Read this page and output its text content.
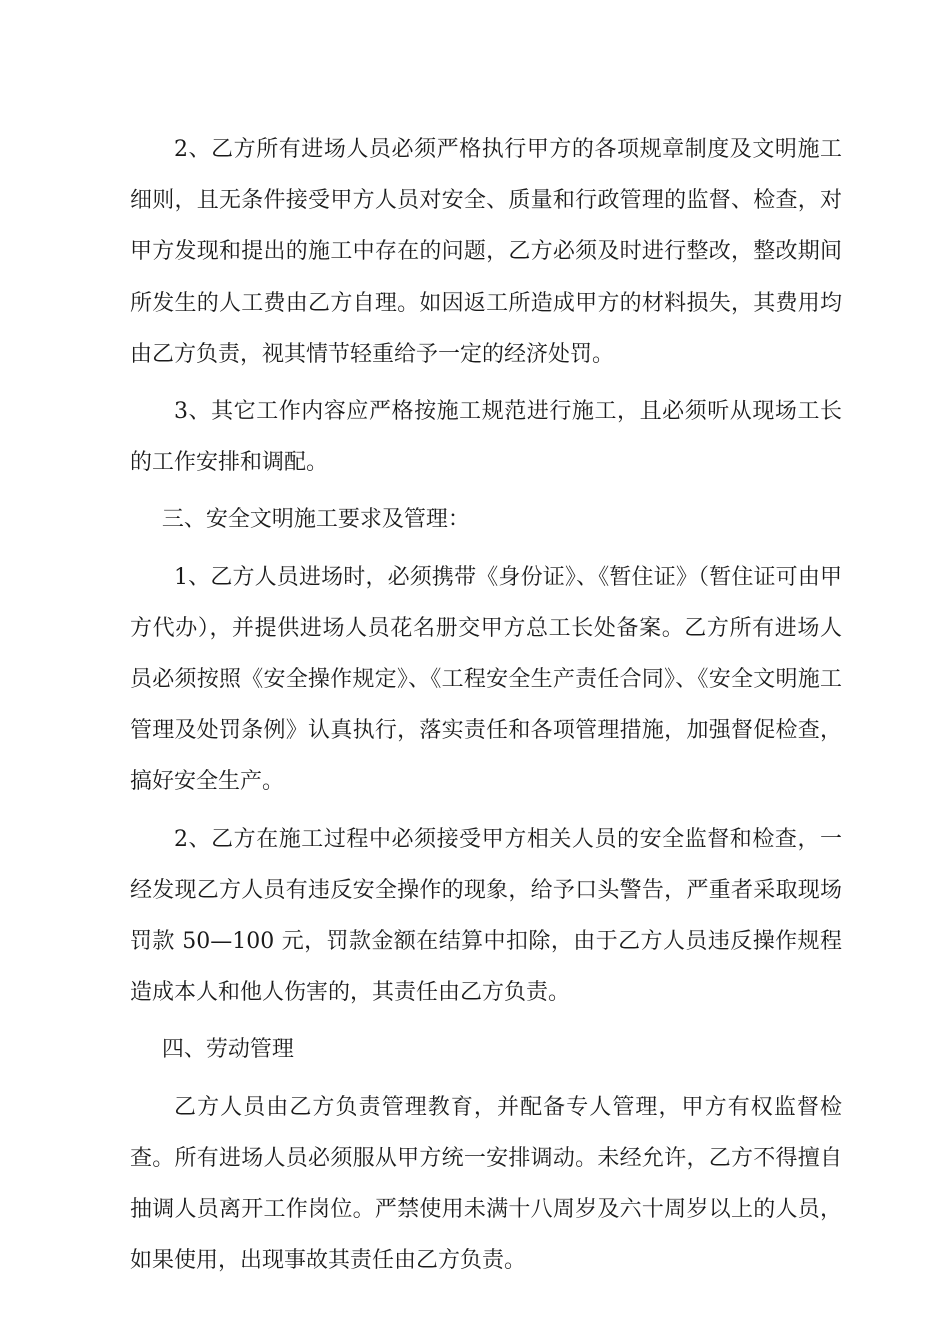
2、乙方所有进场人员必须严格执行甲方的各项规章制度及文明施工细则，且无条件接受甲方人员对安全、质量和行政管理的监督、检查，对甲方发现和提出的施工中存在的问题，乙方必须及时进行整改，整改期间所发生的人工费由乙方自理。如因返工所造成甲方的材料损失，其费用均由乙方负责，视其情节轻重给予一定的经济处罚。

3、其它工作内容应严格按施工规范进行施工，且必须听从现场工长的工作安排和调配。

三、安全文明施工要求及管理：

1、乙方人员进场时，必须携带《身份证》、《暂住证》（暂住证可由甲方代办），并提供进场人员花名册交甲方总工长处备案。乙方所有进场人员必须按照《安全操作规定》、《工程安全生产责任合同》、《安全文明施工管理及处罚条例》认真执行，落实责任和各项管理措施，加强督促检查，搞好安全生产。

2、乙方在施工过程中必须接受甲方相关人员的安全监督和检查，一经发现乙方人员有违反安全操作的现象，给予口头警告，严重者采取现场罚款 50—100 元，罚款金额在结算中扣除，由于乙方人员违反操作规程造成本人和他人伤害的，其责任由乙方负责。

四、劳动管理

乙方人员由乙方负责管理教育，并配备专人管理，甲方有权监督检查。所有进场人员必须服从甲方统一安排调动。未经允许，乙方不得擅自抽调人员离开工作岗位。严禁使用未满十八周岁及六十周岁以上的人员，如果使用，出现事故其责任由乙方负责。
